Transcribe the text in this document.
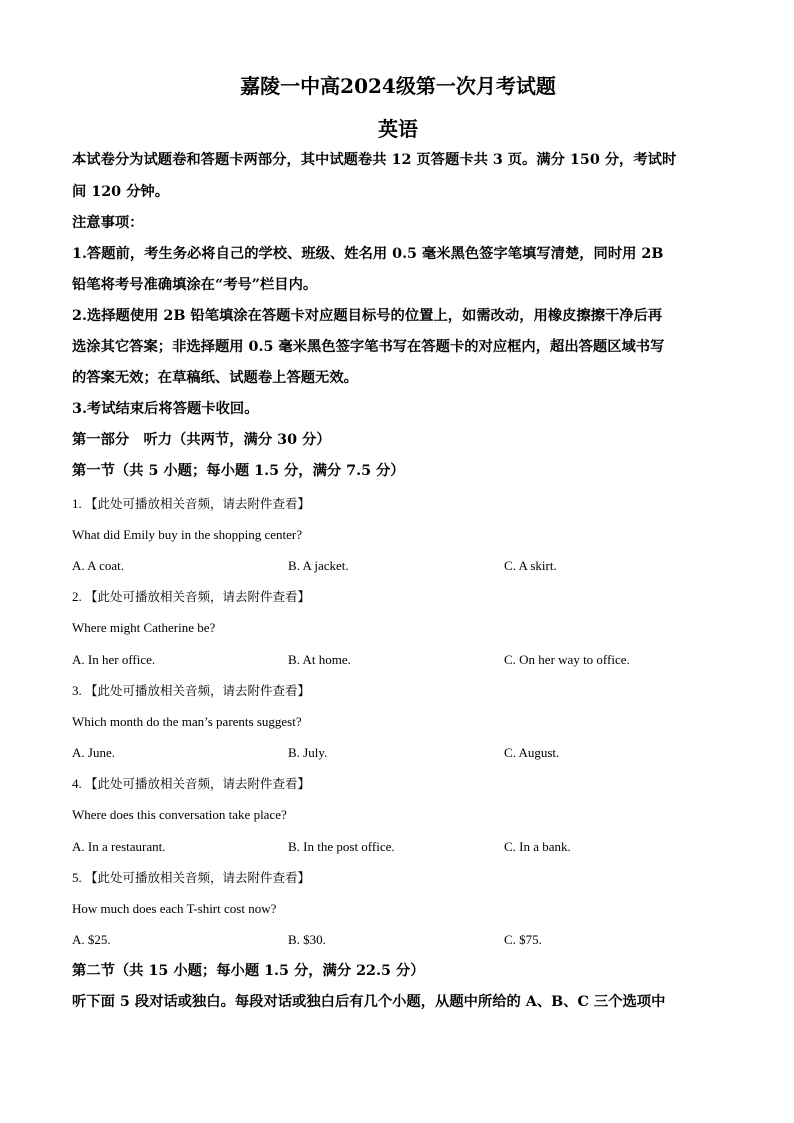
嘉陵一中高2024级第一次月考试题
英语
本试卷分为试题卷和答题卡两部分，其中试题卷共 12 页答题卡共 3 页。满分 150 分，考试时
间 120 分钟。
注意事项：
1.答题前，考生务必将自己的学校、班级、姓名用 0.5 毫米黑色签字笔填写清楚，同时用 2B
铅笔将考号准确填涂在“考号”栏目内。
2.选择题使用 2B 铅笔填涂在答题卡对应题目标号的位置上，如需改动，用橡皮擦擦干净后再
选涂其它答案；非选择题用 0.5 毫米黑色签字笔书写在答题卡的对应框内，超出答题区域书写
的答案无效；在草稿纸、试题卷上答题无效。
3.考试结束后将答题卡收回。
第一部分　听力（共两节，满分 30 分）
第一节（共 5 小题；每小题 1.5 分，满分 7.5 分）
1. 【此处可播放相关音频，请去附件查看】
What did Emily buy in the shopping center?
A. A coat.	B. A jacket.	C. A skirt.
2. 【此处可播放相关音频，请去附件查看】
Where might Catherine be?
A. In her office.	B. At home.	C. On her way to office.
3. 【此处可播放相关音频，请去附件查看】
Which month do the man’s parents suggest?
A. June.	B. July.	C. August.
4. 【此处可播放相关音频，请去附件查看】
Where does this conversation take place?
A. In a restaurant.	B. In the post office.	C. In a bank.
5. 【此处可播放相关音频，请去附件查看】
How much does each T-shirt cost now?
A. $25.	B. $30.	C. $75.
第二节（共 15 小题；每小题 1.5 分，满分 22.5 分）
听下面 5 段对话或独白。每段对话或独白后有几个小题，从题中所给的 A、B、C 三个选项中
